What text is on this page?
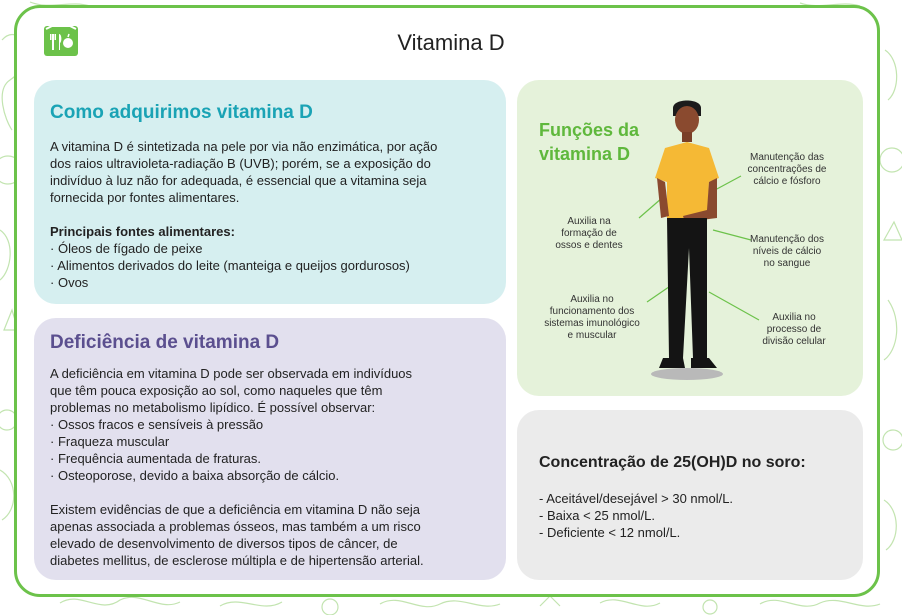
Vitamina D
Como adquirimos vitamina D
A vitamina D é sintetizada na pele por via não enzimática, por ação
dos raios ultravioleta-radiação B (UVB); porém, se a exposição do
indivíduo à luz não for adequada, é essencial que a vitamina seja
fornecida por fontes alimentares.
Principais fontes alimentares:
· Óleos de fígado de peixe
· Alimentos derivados do leite (manteiga e queijos gordurosos)
· Ovos
Deficiência de vitamina D
A deficiência em vitamina D pode ser observada em indivíduos
que têm pouca exposição ao sol, como naqueles que têm
problemas no metabolismo lipídico. É possível observar:
· Ossos fracos e sensíveis à pressão
· Fraqueza muscular
· Frequência aumentada de fraturas.
· Osteoporose, devido a baixa absorção de cálcio.
Existem evidências de que a deficiência em vitamina D não seja
apenas associada a problemas ósseos, mas também a um risco
elevado de desenvolvimento de diversos tipos de câncer, de
diabetes mellitus, de esclerose múltipla e de hipertensão arterial.
Funções da
vitamina D	Manutenção das
concentrações de
cálcio e fósforo
Manutenção dos
níveis de cálcio
no sangue
Auxilia no
processo de
divisão celular
Auxilia na
formação de
ossos e dentes
Auxilia no
funcionamento dos
sistemas imunológico
e muscular
Concentração de 25(OH)D no soro:
- Aceitável/desejável > 30 nmol/L.
- Baixa < 25 nmol/L.
- Deficiente < 12 nmol/L.
